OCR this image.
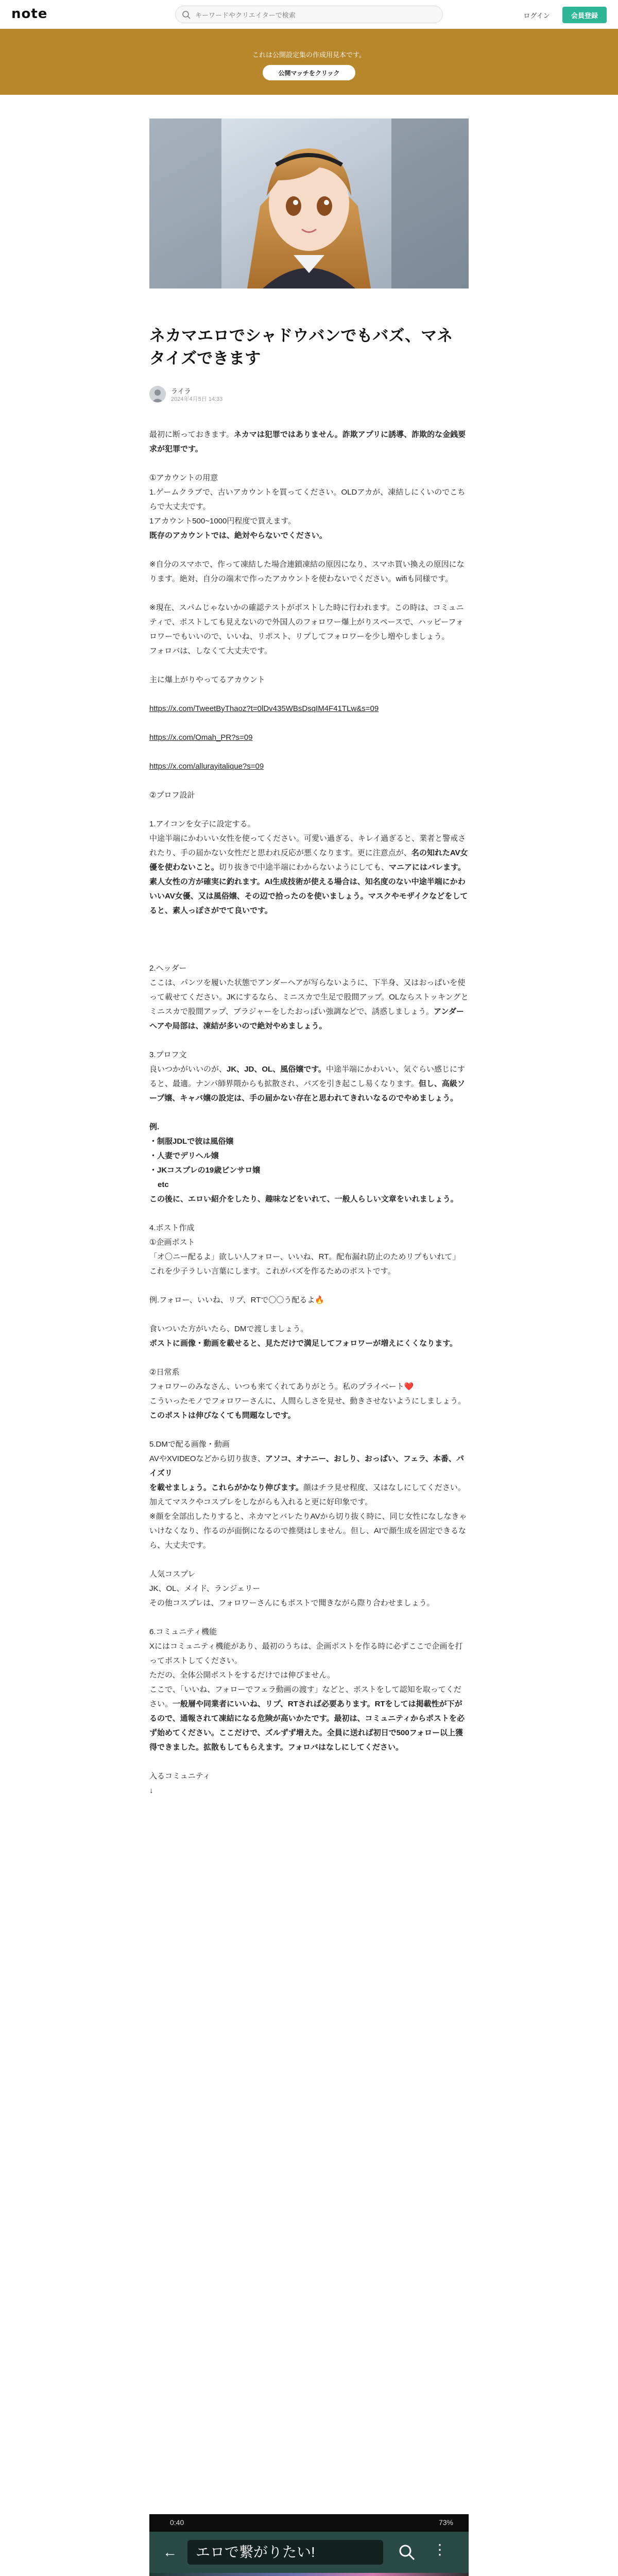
note
キーワードやクリエイターで検索	ログイン	会員登録
これは公開設定集の作成用見本です。
公開マッチをクリック
ネカマエロでシャドウバンでもバズ、マネタイズできます
ライラ
2024年4月5日 14:33

最初に断っておきます。ネカマは犯罪ではありません。詐欺アプリに誘導、詐欺的な金銭要求が犯罪です。

①アカウントの用意

1.ゲームクラブで、古いアカウントを買ってください。OLDアカが、凍結しにくいのでこちらで大丈夫です。

1アカウント500~1000円程度で買えます。

既存のアカウントでは、絶対やらないでください。

※自分のスマホで、作って凍結した場合連鎖凍結の原因になり、スマホ買い換えの原因になります。絶対、自分の端末で作ったアカウントを使わないでください。wifiも同様です。

※現在、スパムじゃないかの確認テストがポストした時に行われます。この時は、コミュニティで、ポストしても見えないので外国人のフォロワー爆上がりスペースで、ハッピーフォロワーでもいいので、いいね、リポスト、リプしてフォロワーを少し増やしましょう。

フォロバは、しなくて大丈夫です。

主に爆上がりやってるアカウント

https://x.com/TweetByThaoz?t=0lDv435WBsDsqIM4F41TLw&s=09

https://x.com/Omah_PR?s=09

https://x.com/allurayitalique?s=09

②プロフ設計

1.アイコンを女子に設定する。

中途半端にかわいい女性を使ってください。可愛い過ぎる、キレイ過ぎると、業者と警戒されたり、手の届かない女性だと思われ反応が悪くなります。更に注意点が、名の知れたAV女優を使わないこと。切り抜きで中途半端にわからないようにしても、マニアにはバレます。素人女性の方が確実に釣れます。AI生成技術が使える場合は、知名度のない中途半端にかわいいAV女優、又は風俗嬢、その辺で拾ったのを使いましょう。マスクやモザイクなどをしてると、素人っぽさがでて良いです。

2.ヘッダー

ここは、パンツを履いた状態でアンダーヘアが写らないように、下半身、又はおっぱいを使って載せてください。JKにするなら、ミニスカで生足で股間アップ。OLならストッキングとミニスカで股間アップ、ブラジャーをしたおっぱい強調などで、誘惑しましょう。アンダーヘアや局部は、凍結が多いので絶対やめましょう。

3.プロフ文

良いつかがいいのが、JK、JD、OL、風俗嬢です。中途半端にかわいい、気ぐらい感じにすると、最適。ナンパ師界隈からも拡散され、バズを引き起こし易くなります。但し、高級ソープ嬢、キャバ嬢の設定は、手の届かない存在と思われてきれいなるのでやめましょう。

例.

・制服JDLで彼は風俗嬢

・人妻でデリヘル嬢

・JKコスプレの19歳ピンサロ嬢

etc

この後に、エロい紹介をしたり、趣味などをいれて、一般人らしい文章をいれましょう。

4.ポスト作成

①企画ポスト

「オ〇ニー配るよ」欲しい人フォロー、いいね、RT。配布漏れ防止のためリプもいれて」

これを少子ラしい言葉にします。これがバズを作るためのポストです。

例.フォロー、いいね、リプ、RTで〇〇う配るよ🔥

食いついた方がいたら、DMで渡しましょう。

ポストに画像・動画を載せると、見ただけで満足してフォロワーが増えにくくなります。

②日常系

フォロワーのみなさん、いつも来てくれてありがとう。私のプライベート❤️

こういったモノでフォロワーさんに、人間らしさを見せ、動きさせないようにしましょう。このポストは伸びなくても問題なしです。

5.DMで配る画像・動画

AVやXVIDEOなどから切り抜き、アソコ、オナニー、おしり、おっぱい、フェラ、本番、パイズリ

を載せましょう。これらがかなり伸びます。顔はチラ見せ程度、又はなしにしてください。加えてマスクやコスプレをしながらも入れると更に好印象です。

※顔を全部出したりすると、ネカマとバレたりAVから切り抜く時に、同じ女性になしなきゃいけなくなり、作るのが面倒になるので推奨はしません。但し、AIで顔生成を固定できるなら、大丈夫です。

人気コスプレ

JK、OL、メイド、ランジェリー

その他コスプレは、フォロワーさんにもポストで聞きながら際り合わせましょう。

6.コミュニティ機能

Xにはコミュニティ機能があり、最初のうちは、企画ポストを作る時に必ずここで企画を打ってポストしてください。

ただの、全体公開ポストをするだけでは伸びません。

ここで、「いいね、フォローでフェラ動画の渡す」などと、ポストをして認知を取ってください。一般層や同業者にいいね、リプ、RTされば必要あります。RTをしては掲載性が下がるので、通報されて凍結になる危険が高いかたです。最初は、コミュニティからポストを必ず始めてください。ここだけで、ズルずず増えた。全員に送れば初日で500フォロー以上獲得できました。拡散もしてもらえます。フォロバはなしにしてください。

入るコミュニティ

↓

0:40	73%
←	エロで繋がりたい!	⋮
